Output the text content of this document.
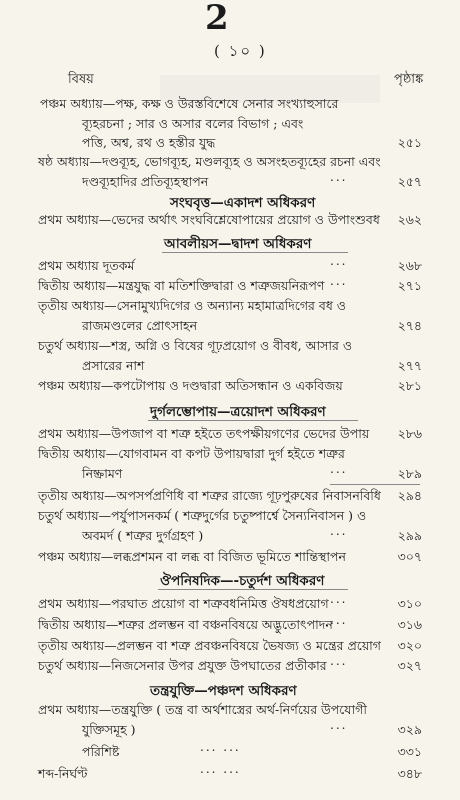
2
( ১০ )
বিষয়	পৃষ্ঠাঙ্ক
পঞ্চম অধ্যায়—পক্ষ, কক্ষ ও উরস্তবিশেষে সেনার সংখ্যাহুসারে
ব্যূহরচনা ; সার ও অসার বলের বিভাগ ; এবং
পত্তি, অশ্ব, রথ ও হস্তীর যুদ্ধ	২৫১
ষষ্ঠ অধ্যায়—দণ্ডব্যূহ, ভোগব্যূহ, মণ্ডলব্যূহ ও অসংহতব্যূহের রচনা এবং
দণ্ডব্যূহাদির প্রতিব্যূহস্থাপন	...	২৫৭
সংঘবৃত্ত—একাদশ অধিকরণ
প্রথম অধ্যায়—ভেদের অর্থাৎ সংঘবিশ্লেষোপায়ের প্রয়োগ ও উপাংশুবধ	২৬২
আবলীয়স—দ্বাদশ অধিকরণ
প্রথম অধ্যায় দূতকর্ম	...	২৬৮
দ্বিতীয় অধ্যায়—মন্ত্রযুদ্ধ বা মতিশক্তিদ্বারা ও শত্রুজয়নিরূপণ ...	২৭১
তৃতীয় অধ্যায়—সেনামুখ্যদিগের ও অন্যান্য মহামাত্রদিগের বধ ও
রাজমণ্ডলের প্রোৎসাহন	২৭৪
চতুর্থ অধ্যায়—শস্ত্র, অগ্নি ও বিষের গূঢ়প্রয়োগ ও বীবধ, আসার ও
প্রসারের নাশ	২৭৭
পঞ্চম অধ্যায়—কপটোপায় ও দণ্ডদ্বারা অতিসন্ধান ও একবিজয়	২৮১
দুর্গলম্ভোপায়—ত্রয়োদশ অধিকরণ
প্রথম অধ্যায়—উপজাপ বা শত্রু হইতে তৎপক্ষীয়গণের ভেদের উপায়	২৮৬
দ্বিতীয় অধ্যায়—যোগবামন বা কপট উপায়দ্বারা দুর্গ হইতে শত্রুর
নিষ্ক্রামণ	...	২৮৯
তৃতীয় অধ্যায়—অপসর্পপ্রণিধি বা শত্রুর রাজ্যে গূঢ়পুরুষের নিবাসনবিধি	২৯৪
চতুর্থ অধ্যায়—পর্যুপাসনকর্ম ( শত্রুদুর্গের চতুষ্পার্শ্বে সৈন্যনিবাসন ) ও
অবমর্দ ( শত্রুর দুর্গগ্রহণ )	...	২৯৯
পঞ্চম অধ্যায়—লব্ধপ্রশমন বা লব্ধ বা বিজিত ভূমিতে শান্তিস্থাপন	৩০৭
ঔপনিষদিক—-চতুর্দশ অধিকরণ
প্রথম অধ্যায়—পরঘাত প্রয়োগ বা শত্রুবধনিমিত্ত ঔষধপ্রয়োগ ...	৩১০
দ্বিতীয় অধ্যায়—শত্রুর প্রলম্ভন বা বঞ্চনবিষয়ে অদ্ভুতোৎপাদন
...	৩১৬
তৃতীয় অধ্যায়—প্রলম্ভন বা শত্রু প্রবঞ্চনবিষয়ে ভৈষজ্য ও মন্ত্রের প্রয়োগ	৩২০
চতুর্থ অধ্যায়—নিজসেনার উপর প্রযুক্ত উপঘাতের প্রতীকার ...	৩২৭
তন্ত্রযুক্তি—পঞ্চদশ অধিকরণ
প্রথম অধ্যায়—তন্ত্রযুক্তি ( তন্ত্র বা অর্থশাস্ত্রের অর্থ-নির্ণয়ের উপযোগী
যুক্তিসমূহ )	...	৩২৯
পরিশিষ্ট	... ...	৩৩১
শব্দ-নির্ঘণ্ট	... ...	৩৪৮
